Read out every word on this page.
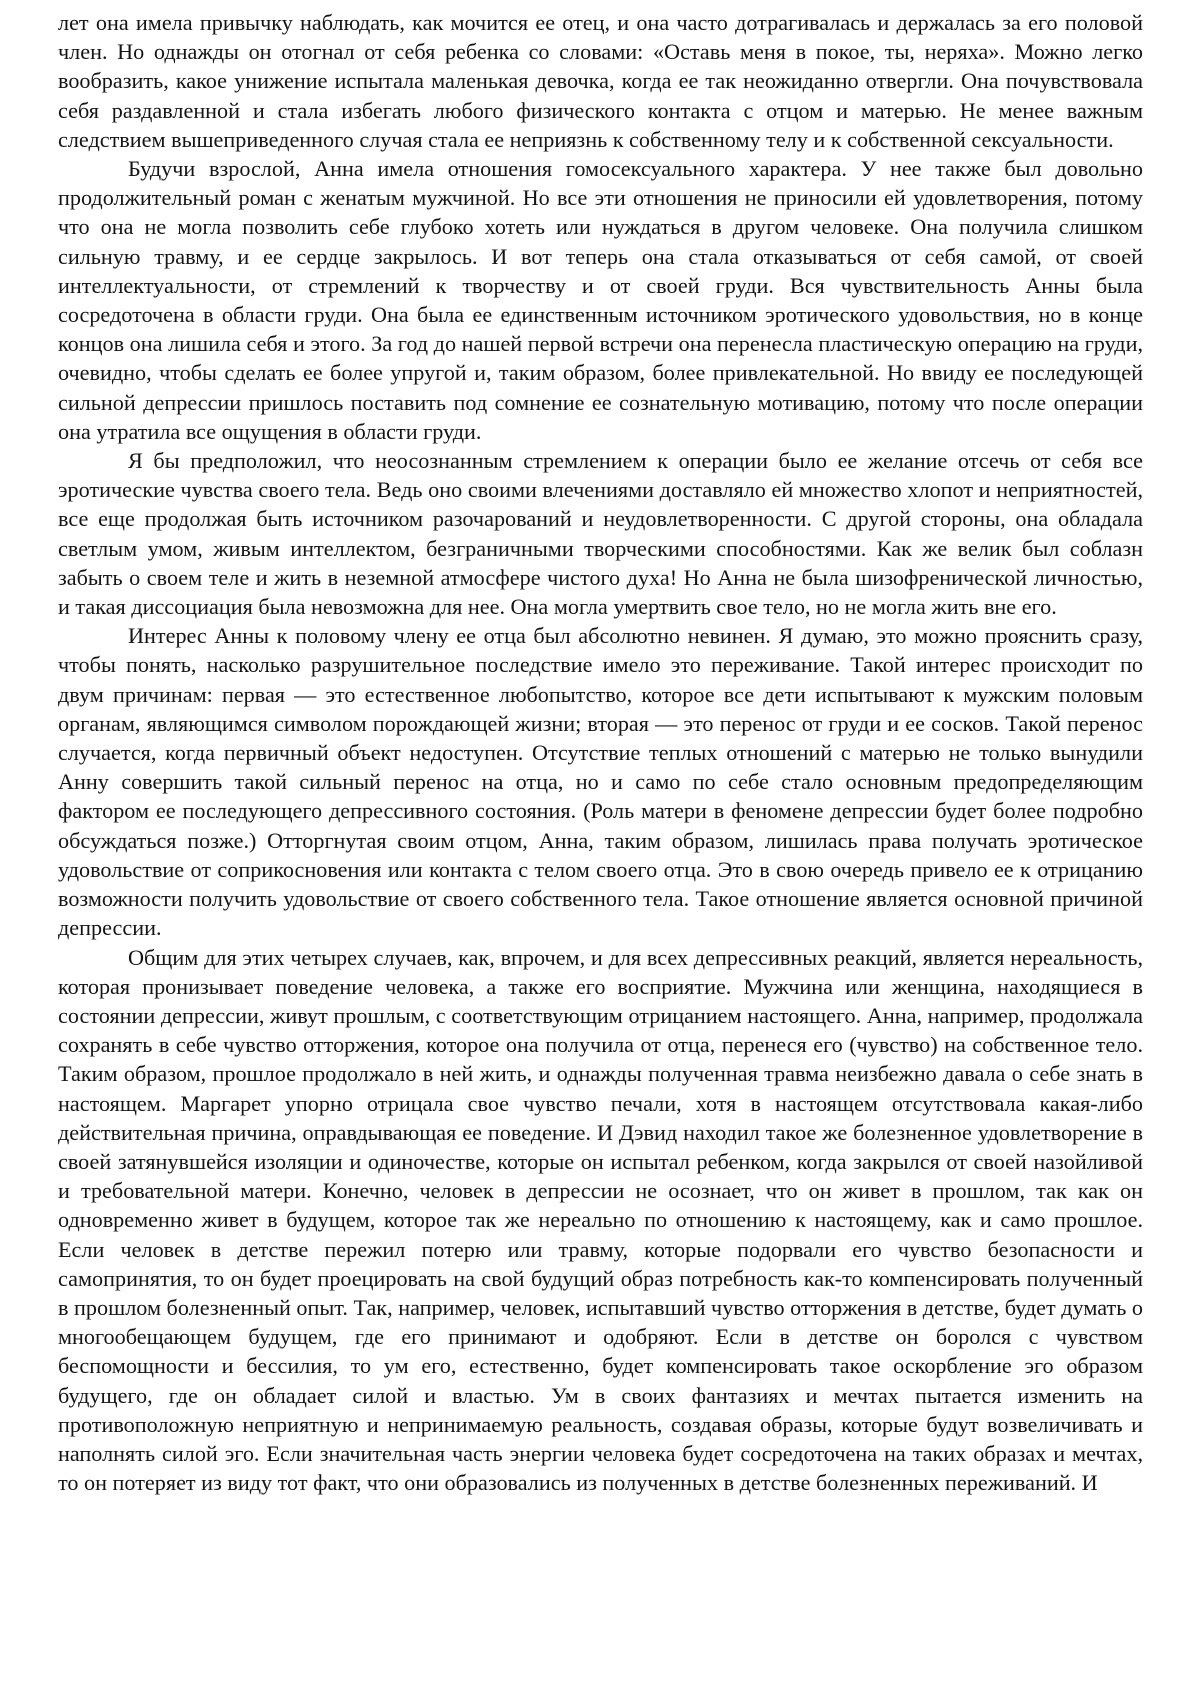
лет она имела привычку наблюдать, как мочится ее отец, и она часто дотрагивалась и держалась за его половой член. Но однажды он отогнал от себя ребенка со словами: «Оставь меня в покое, ты, неряха». Можно легко вообразить, какое унижение испытала маленькая девочка, когда ее так неожиданно отвергли. Она почувствовала себя раздавленной и стала избегать любого физического контакта с отцом и матерью. Не менее важным следствием вышеприведенного случая стала ее неприязнь к собственному телу и к собственной сексуальности.

Будучи взрослой, Анна имела отношения гомосексуального характера. У нее также был довольно продолжительный роман с женатым мужчиной. Но все эти отношения не приносили ей удовлетворения, потому что она не могла позволить себе глубоко хотеть или нуждаться в другом человеке. Она получила слишком сильную травму, и ее сердце закрылось. И вот теперь она стала отказываться от себя самой, от своей интеллектуальности, от стремлений к творчеству и от своей груди. Вся чувствительность Анны была сосредоточена в области груди. Она была ее единственным источником эротического удовольствия, но в конце концов она лишила себя и этого. За год до нашей первой встречи она перенесла пластическую операцию на груди, очевидно, чтобы сделать ее более упругой и, таким образом, более привлекательной. Но ввиду ее последующей сильной депрессии пришлось поставить под сомнение ее сознательную мотивацию, потому что после операции она утратила все ощущения в области груди.

Я бы предположил, что неосознанным стремлением к операции было ее желание отсечь от себя все эротические чувства своего тела. Ведь оно своими влечениями доставляло ей множество хлопот и неприятностей, все еще продолжая быть источником разочарований и неудовлетворенности. С другой стороны, она обладала светлым умом, живым интеллектом, безграничными творческими способностями. Как же велик был соблазн забыть о своем теле и жить в неземной атмосфере чистого духа! Но Анна не была шизофренической личностью, и такая диссоциация была невозможна для нее. Она могла умертвить свое тело, но не могла жить вне его.

Интерес Анны к половому члену ее отца был абсолютно невинен. Я думаю, это можно прояснить сразу, чтобы понять, насколько разрушительное последствие имело это переживание. Такой интерес происходит по двум причинам: первая — это естественное любопытство, которое все дети испытывают к мужским половым органам, являющимся символом порождающей жизни; вторая — это перенос от груди и ее сосков. Такой перенос случается, когда первичный объект недоступен. Отсутствие теплых отношений с матерью не только вынудили Анну совершить такой сильный перенос на отца, но и само по себе стало основным предопределяющим фактором ее последующего депрессивного состояния. (Роль матери в феномене депрессии будет более подробно обсуждаться позже.) Отторгнутая своим отцом, Анна, таким образом, лишилась права получать эротическое удовольствие от соприкосновения или контакта с телом своего отца. Это в свою очередь привело ее к отрицанию возможности получить удовольствие от своего собственного тела. Такое отношение является основной причиной депрессии.

Общим для этих четырех случаев, как, впрочем, и для всех депрессивных реакций, является нереальность, которая пронизывает поведение человека, а также его восприятие. Мужчина или женщина, находящиеся в состоянии депрессии, живут прошлым, с соответствующим отрицанием настоящего. Анна, например, продолжала сохранять в себе чувство отторжения, которое она получила от отца, перенеся его (чувство) на собственное тело. Таким образом, прошлое продолжало в ней жить, и однажды полученная травма неизбежно давала о себе знать в настоящем. Маргарет упорно отрицала свое чувство печали, хотя в настоящем отсутствовала какая-либо действительная причина, оправдывающая ее поведение. И Дэвид находил такое же болезненное удовлетворение в своей затянувшейся изоляции и одиночестве, которые он испытал ребенком, когда закрылся от своей назойливой и требовательной матери. Конечно, человек в депрессии не осознает, что он живет в прошлом, так как он одновременно живет в будущем, которое так же нереально по отношению к настоящему, как и само прошлое. Если человек в детстве пережил потерю или травму, которые подорвали его чувство безопасности и самопринятия, то он будет проецировать на свой будущий образ потребность как-то компенсировать полученный в прошлом болезненный опыт. Так, например, человек, испытавший чувство отторжения в детстве, будет думать о многообещающем будущем, где его принимают и одобряют. Если в детстве он боролся с чувством беспомощности и бессилия, то ум его, естественно, будет компенсировать такое оскорбление эго образом будущего, где он обладает силой и властью. Ум в своих фантазиях и мечтах пытается изменить на противоположную неприятную и непринимаемую реальность, создавая образы, которые будут возвеличивать и наполнять силой эго. Если значительная часть энергии человека будет сосредоточена на таких образах и мечтах, то он потеряет из виду тот факт, что они образовались из полученных в детстве болезненных переживаний. И
